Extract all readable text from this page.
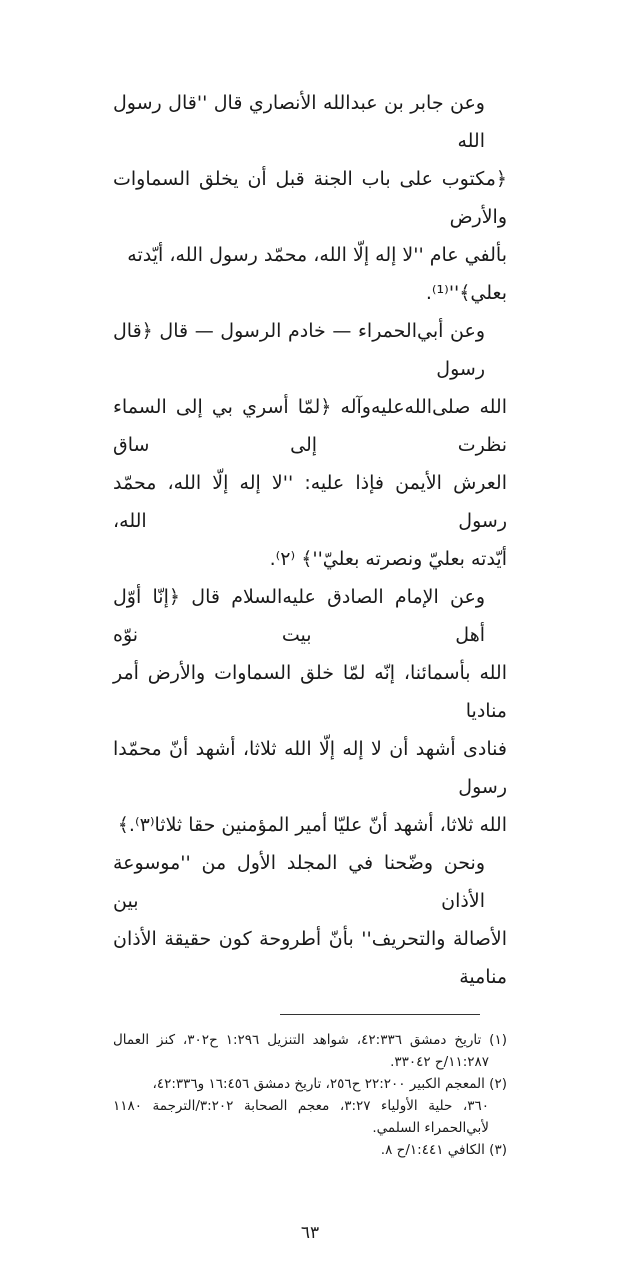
وعن جابر بن عبدالله الأنصاري قال ''قال رسول الله
﴿مكتوب على باب الجنة قبل أن يخلق السماوات والأرض
بألفي عام ''لا إله إلّا الله، محمّد رسول الله، أيّدته بعلي﴾''⁽¹⁾.
وعن أبي‌الحمراء — خادم الرسول — قال ﴿قال رسول
الله صلى‌الله‌عليه‌وآله ﴿لمّا أسري بي إلى السماء نظرت إلى ساق
العرش الأيمن فإذا عليه: ''لا إله إلّا الله، محمّد رسول الله،
أيّدته بعليّ ونصرته بعليّ''﴾ ⁽٢⁾.
وعن الإمام الصادق عليه‌السلام قال ﴿إنّا أوّل أهل بيت نوّه
الله بأسمائنا، إنّه لمّا خلق السماوات والأرض أمر مناديا
فنادى أشهد أن لا إله إلّا الله ثلاثا، أشهد أنّ محمّدا رسول
الله ثلاثا، أشهد أنّ عليّا أمير المؤمنين حقا ثلاثا⁽٣⁾.﴾
ونحن وضّحنا في المجلد الأول من ''موسوعة الأذان بين
الأصالة والتحريف'' بأنّ أطروحة كون حقيقة الأذان منامية
(١) تاريخ دمشق ٤٢:٣٣٦، شواهد التنزيل ١:٢٩٦ ح٣٠٢، كنز العمال
١١:٢٨٧/ح ٣٣٠٤٢.
(٢) المعجم الكبير ٢٢:٢٠٠ ح٢٥٦، تاريخ دمشق ١٦:٤٥٦ و٤٢:٣٣٦،
٣٦٠، حلية الأولياء ٣:٢٧، معجم الصحابة ٣:٢٠٢/الترجمة ١١٨٠
لأبي‌الحمراء السلمي.
(٣) الكافي ١:٤٤١/ح ٨.
٦٣
